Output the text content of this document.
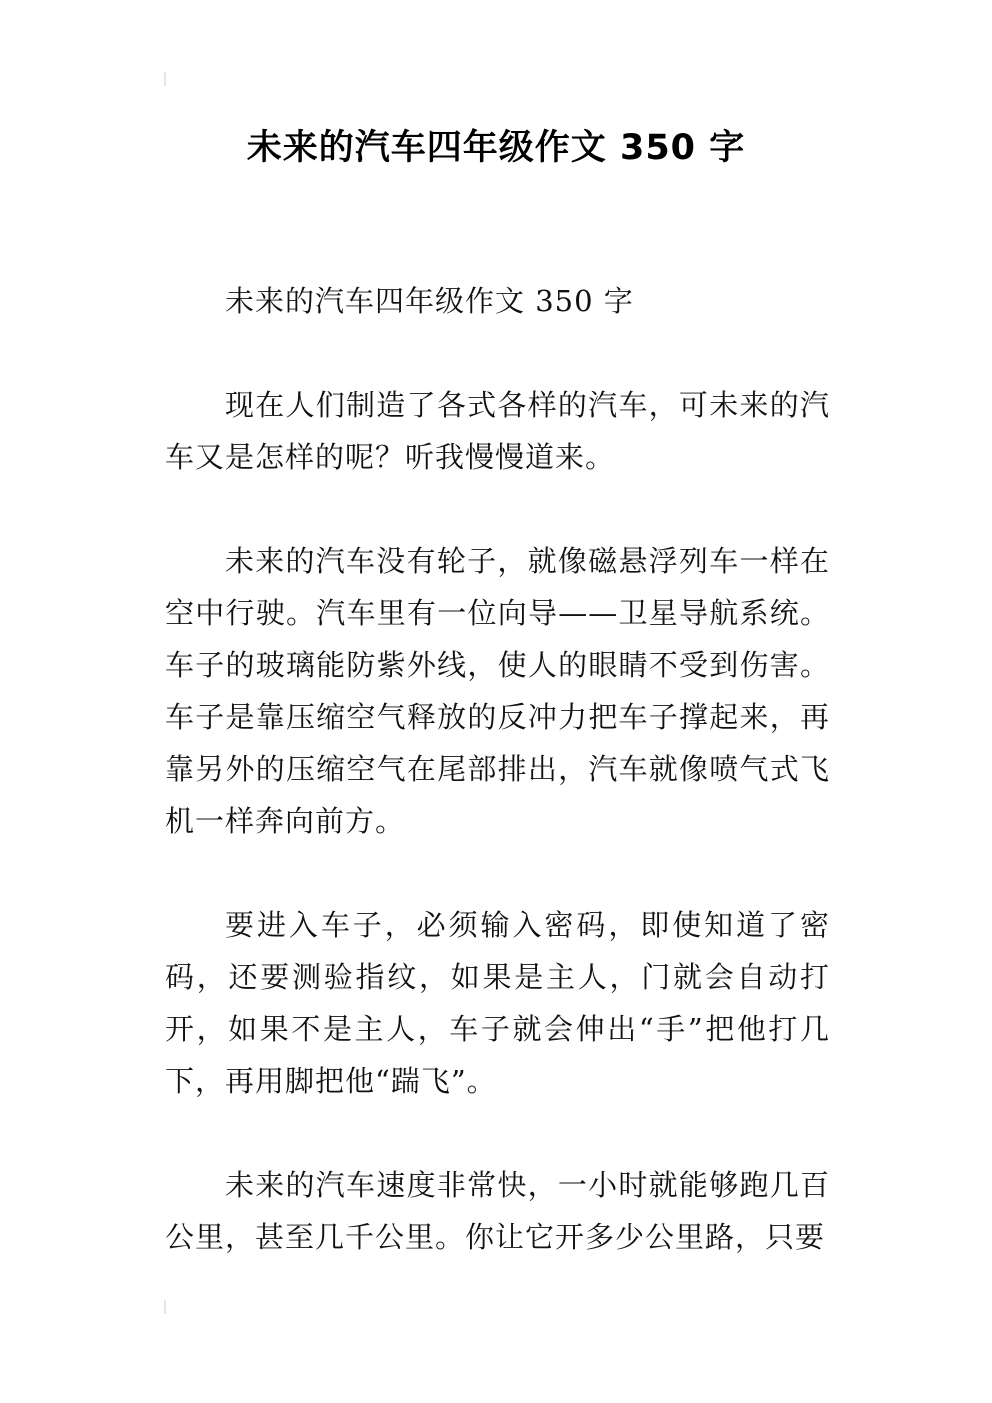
未来的汽车四年级作文 350 字

未来的汽车四年级作文 350 字

现在人们制造了各式各样的汽车，可未来的汽车又是怎样的呢？听我慢慢道来。

未来的汽车没有轮子，就像磁悬浮列车一样在空中行驶。汽车里有一位向导——卫星导航系统。车子的玻璃能防紫外线，使人的眼睛不受到伤害。车子是靠压缩空气释放的反冲力把车子撑起来，再靠另外的压缩空气在尾部排出，汽车就像喷气式飞机一样奔向前方。

要进入车子，必须输入密码，即使知道了密码，还要测验指纹，如果是主人，门就会自动打开，如果不是主人，车子就会伸出“手”把他打几下，再用脚把他“踹飞”。

未来的汽车速度非常快，一小时就能够跑几百公里，甚至几千公里。你让它开多少公里路，只要
